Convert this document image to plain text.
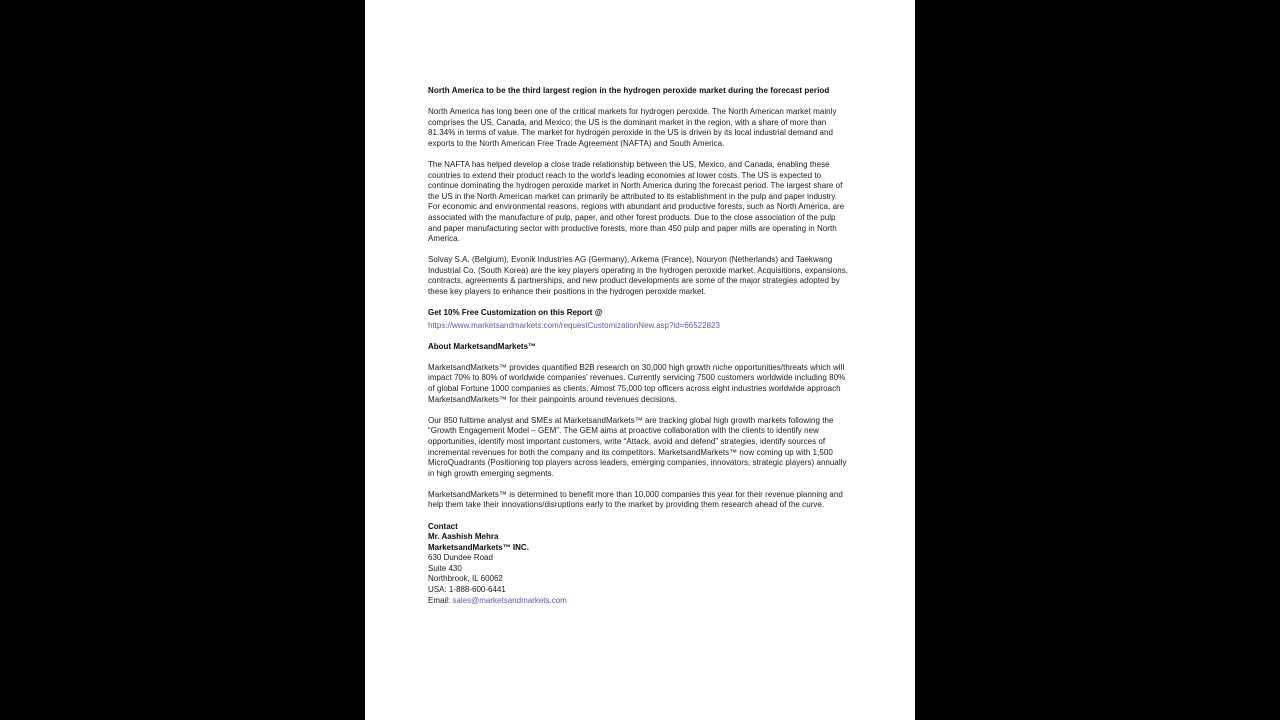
North America to be the third largest region in the hydrogen peroxide market during the forecast period

North America has long been one of the critical markets for hydrogen peroxide. The North American market mainly comprises the US, Canada, and Mexico; the US is the dominant market in the region, with a share of more than 81.34% in terms of value. The market for hydrogen peroxide in the US is driven by its local industrial demand and exports to the North American Free Trade Agreement (NAFTA) and South America.

The NAFTA has helped develop a close trade relationship between the US, Mexico, and Canada, enabling these countries to extend their product reach to the world's leading economies at lower costs. The US is expected to continue dominating the hydrogen peroxide market in North America during the forecast period. The largest share of the US in the North American market can primarily be attributed to its establishment in the pulp and paper industry. For economic and environmental reasons, regions with abundant and productive forests, such as North America, are associated with the manufacture of pulp, paper, and other forest products. Due to the close association of the pulp and paper manufacturing sector with productive forests, more than 450 pulp and paper mills are operating in North America.

Solvay S.A. (Belgium), Evonik Industries AG (Germany), Arkema (France), Nouryon (Netherlands) and Taekwang Industrial Co. (South Korea) are the key players operating in the hydrogen peroxide market. Acquisitions, expansions, contracts, agreements & partnerships, and new product developments are some of the major strategies adopted by these key players to enhance their positions in the hydrogen peroxide market.

Get 10% Free Customization on this Report @

https://www.marketsandmarkets.com/requestCustomizationNew.asp?id=66522823

About MarketsandMarkets™

MarketsandMarkets™ provides quantified B2B research on 30,000 high growth niche opportunities/threats which will impact 70% to 80% of worldwide companies' revenues. Currently servicing 7500 customers worldwide including 80% of global Fortune 1000 companies as clients. Almost 75,000 top officers across eight industries worldwide approach MarketsandMarkets™ for their painpoints around revenues decisions.

Our 850 fulltime analyst and SMEs at MarketsandMarkets™ are tracking global high growth markets following the “Growth Engagement Model – GEM”. The GEM aims at proactive collaboration with the clients to identify new opportunities, identify most important customers, write “Attack, avoid and defend” strategies, identify sources of incremental revenues for both the company and its competitors. MarketsandMarkets™ now coming up with 1,500 MicroQuadrants (Positioning top players across leaders, emerging companies, innovators, strategic players) annually in high growth emerging segments.

MarketsandMarkets™ is determined to benefit more than 10,000 companies this year for their revenue planning and help them take their innovations/disruptions early to the market by providing them research ahead of the curve.

Contact

Mr. Aashish Mehra

MarketsandMarkets™ INC.

630 Dundee Road

Suite 430

Northbrook, IL 60062

USA: 1-888-600-6441

Email: sales@marketsandmarkets.com
